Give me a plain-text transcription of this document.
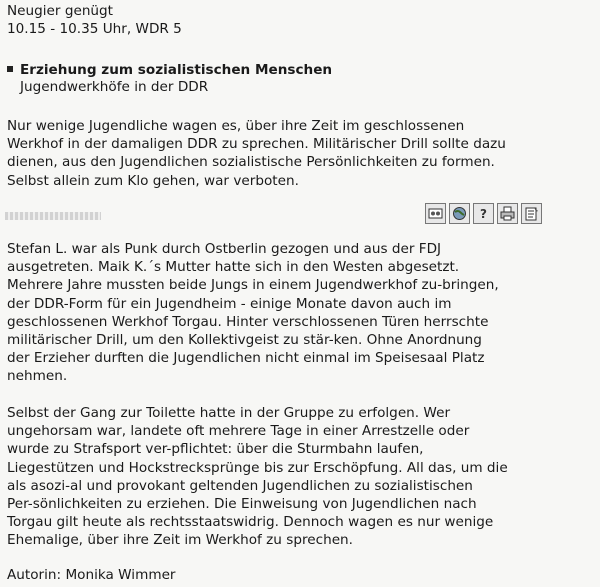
Neugier genügt
10.15 - 10.35 Uhr, WDR 5
Erziehung zum sozialistischen Menschen
Jugendwerkhöfe in der DDR
Nur wenige Jugendliche wagen es, über ihre Zeit im geschlossenen
Werkhof in der damaligen DDR zu sprechen. Militärischer Drill sollte dazu
dienen, aus den Jugendlichen sozialistische Persönlichkeiten zu formen.
Selbst allein zum Klo gehen, war verboten.
?
Stefan L. war als Punk durch Ostberlin gezogen und aus der FDJ
ausgetreten. Maik K.´s Mutter hatte sich in den Westen abgesetzt.
Mehrere Jahre mussten beide Jungs in einem Jugendwerkhof zu-bringen,
der DDR-Form für ein Jugendheim - einige Monate davon auch im
geschlossenen Werkhof Torgau. Hinter verschlossenen Türen herrschte
militärischer Drill, um den Kollektivgeist zu stär-ken. Ohne Anordnung
der Erzieher durften die Jugendlichen nicht einmal im Speisesaal Platz
nehmen.
Selbst der Gang zur Toilette hatte in der Gruppe zu erfolgen. Wer
ungehorsam war, landete oft mehrere Tage in einer Arrestzelle oder
wurde zu Strafsport ver-pflichtet: über die Sturmbahn laufen,
Liegestützen und Hockstrecksprünge bis zur Erschöpfung. All das, um die
als asozi-al und provokant geltenden Jugendlichen zu sozialistischen
Per-sönlichkeiten zu erziehen. Die Einweisung von Jugendlichen nach
Torgau gilt heute als rechtsstaatswidrig. Dennoch wagen es nur wenige
Ehemalige, über ihre Zeit im Werkhof zu sprechen.
Autorin: Monika Wimmer
